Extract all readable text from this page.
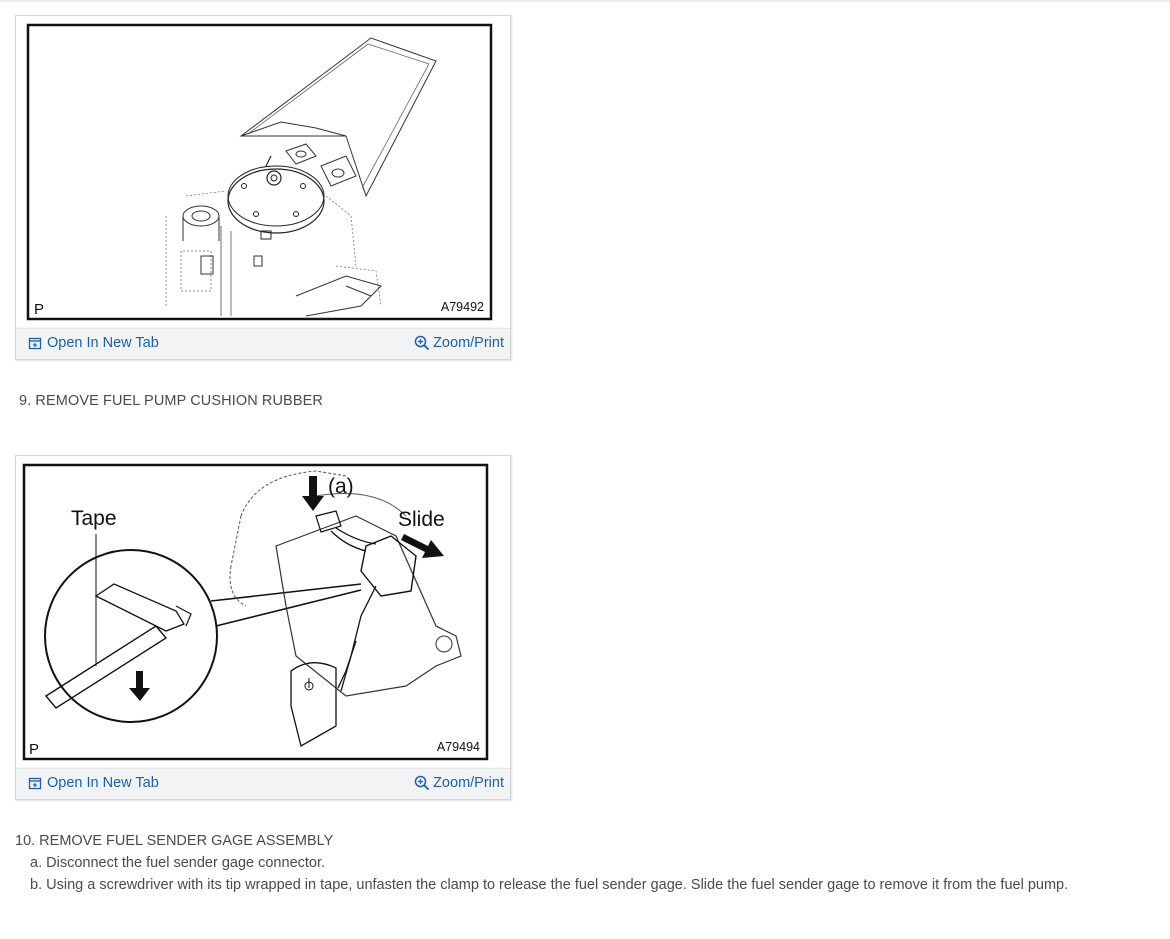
P	A79492
Open In New Tab	Zoom/Print
9. REMOVE FUEL PUMP CUSHION RUBBER
Tape
(a)
Slide
P	A79494
Open In New Tab	Zoom/Print

10. REMOVE FUEL SENDER GAGE ASSEMBLY

a. Disconnect the fuel sender gage connector.

b. Using a screwdriver with its tip wrapped in tape, unfasten the clamp to release the fuel sender gage. Slide the fuel sender gage to remove it from the fuel pump.
